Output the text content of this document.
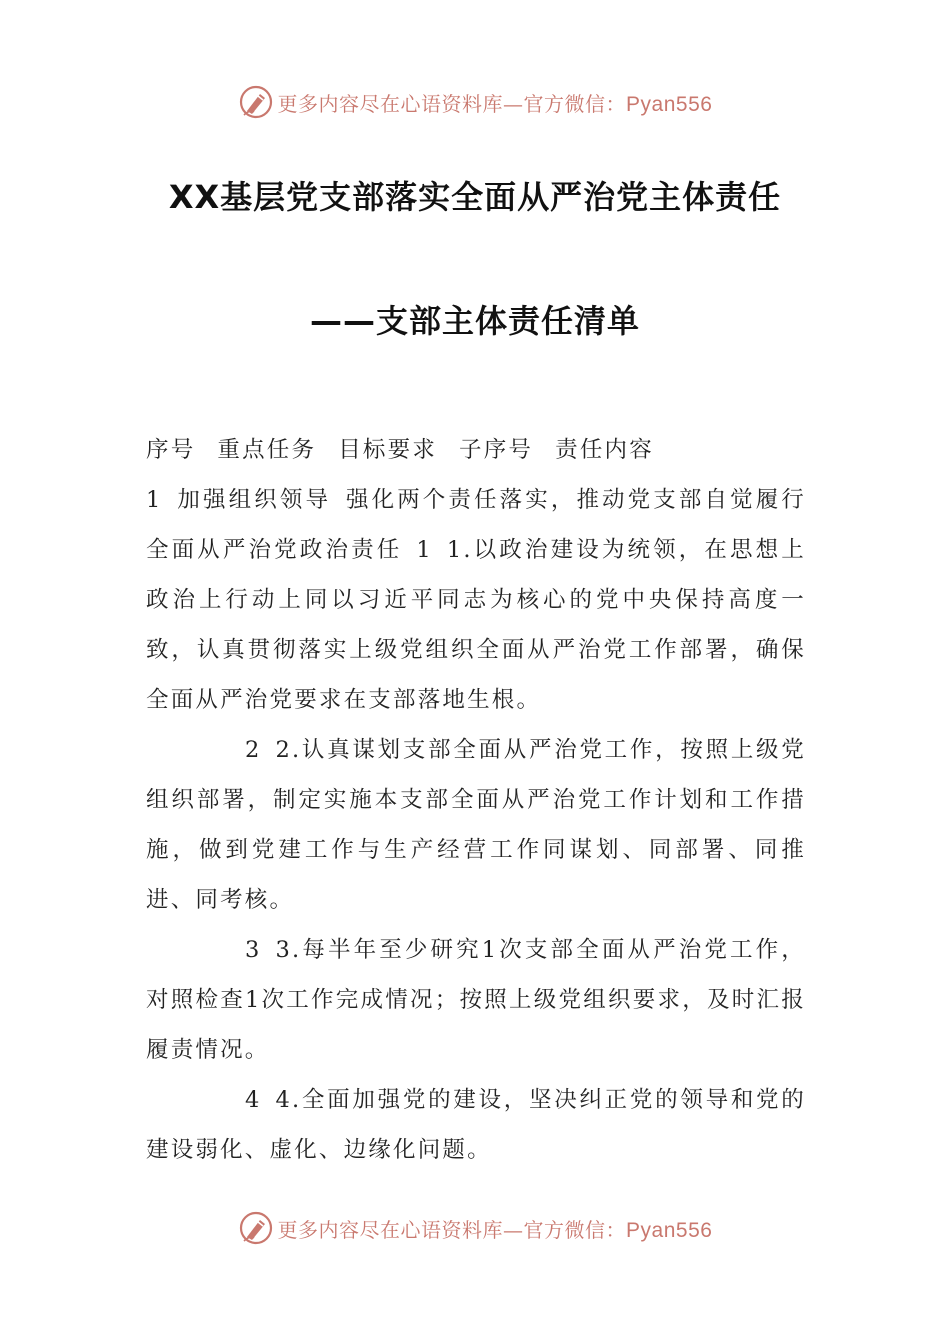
更多内容尽在心语资料库—官方微信：Pyan556
XX基层党支部落实全面从严治党主体责任
——支部主体责任清单

序号 重点任务 目标要求 子序号 责任内容

1 加强组织领导 强化两个责任落实，推动党支部自觉履行全面从严治党政治责任 1 1.以政治建设为统领，在思想上政治上行动上同以习近平同志为核心的党中央保持高度一致，认真贯彻落实上级党组织全面从严治党工作部署，确保全面从严治党要求在支部落地生根。

2 2.认真谋划支部全面从严治党工作，按照上级党组织部署，制定实施本支部全面从严治党工作计划和工作措施，做到党建工作与生产经营工作同谋划、同部署、同推进、同考核。

3 3.每半年至少研究1次支部全面从严治党工作，对照检查1次工作完成情况；按照上级党组织要求，及时汇报履责情况。

4 4.全面加强党的建设，坚决纠正党的领导和党的建设弱化、虚化、边缘化问题。

更多内容尽在心语资料库—官方微信：Pyan556
